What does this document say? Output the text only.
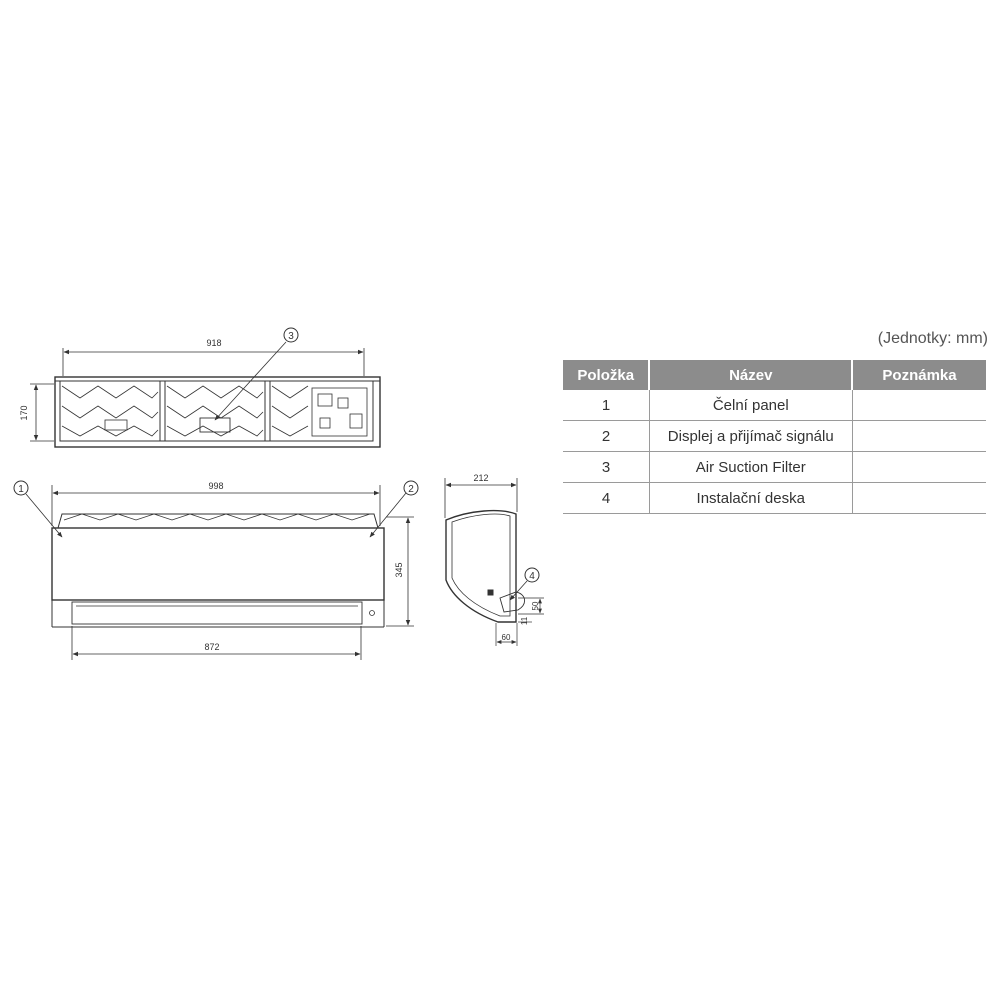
918
170
3
998
345
872
1	2
212
50
11
60
4
(Jednotky: mm)
Položka	Název	Poznámka
1	Čelní panel	
2	Displej a přijímač signálu	
3	Air Suction Filter	
4	Instalační deska	
